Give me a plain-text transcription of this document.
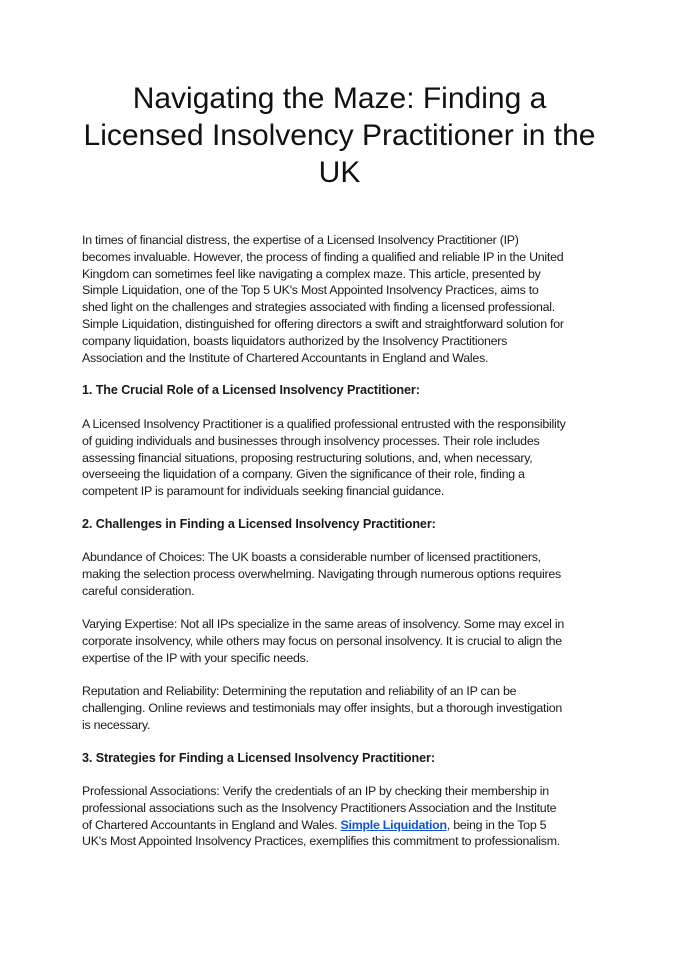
Navigating the Maze: Finding a
Licensed Insolvency Practitioner in the
UK
In times of financial distress, the expertise of a Licensed Insolvency Practitioner (IP)
becomes invaluable. However, the process of finding a qualified and reliable IP in the United
Kingdom can sometimes feel like navigating a complex maze. This article, presented by
Simple Liquidation, one of the Top 5 UK's Most Appointed Insolvency Practices, aims to
shed light on the challenges and strategies associated with finding a licensed professional.
Simple Liquidation, distinguished for offering directors a swift and straightforward solution for
company liquidation, boasts liquidators authorized by the Insolvency Practitioners
Association and the Institute of Chartered Accountants in England and Wales.
1. The Crucial Role of a Licensed Insolvency Practitioner:
A Licensed Insolvency Practitioner is a qualified professional entrusted with the responsibility
of guiding individuals and businesses through insolvency processes. Their role includes
assessing financial situations, proposing restructuring solutions, and, when necessary,
overseeing the liquidation of a company. Given the significance of their role, finding a
competent IP is paramount for individuals seeking financial guidance.
2. Challenges in Finding a Licensed Insolvency Practitioner:
Abundance of Choices: The UK boasts a considerable number of licensed practitioners,
making the selection process overwhelming. Navigating through numerous options requires
careful consideration.
Varying Expertise: Not all IPs specialize in the same areas of insolvency. Some may excel in
corporate insolvency, while others may focus on personal insolvency. It is crucial to align the
expertise of the IP with your specific needs.
Reputation and Reliability: Determining the reputation and reliability of an IP can be
challenging. Online reviews and testimonials may offer insights, but a thorough investigation
is necessary.
3. Strategies for Finding a Licensed Insolvency Practitioner:
Professional Associations: Verify the credentials of an IP by checking their membership in
professional associations such as the Insolvency Practitioners Association and the Institute
of Chartered Accountants in England and Wales. Simple Liquidation, being in the Top 5
UK's Most Appointed Insolvency Practices, exemplifies this commitment to professionalism.
